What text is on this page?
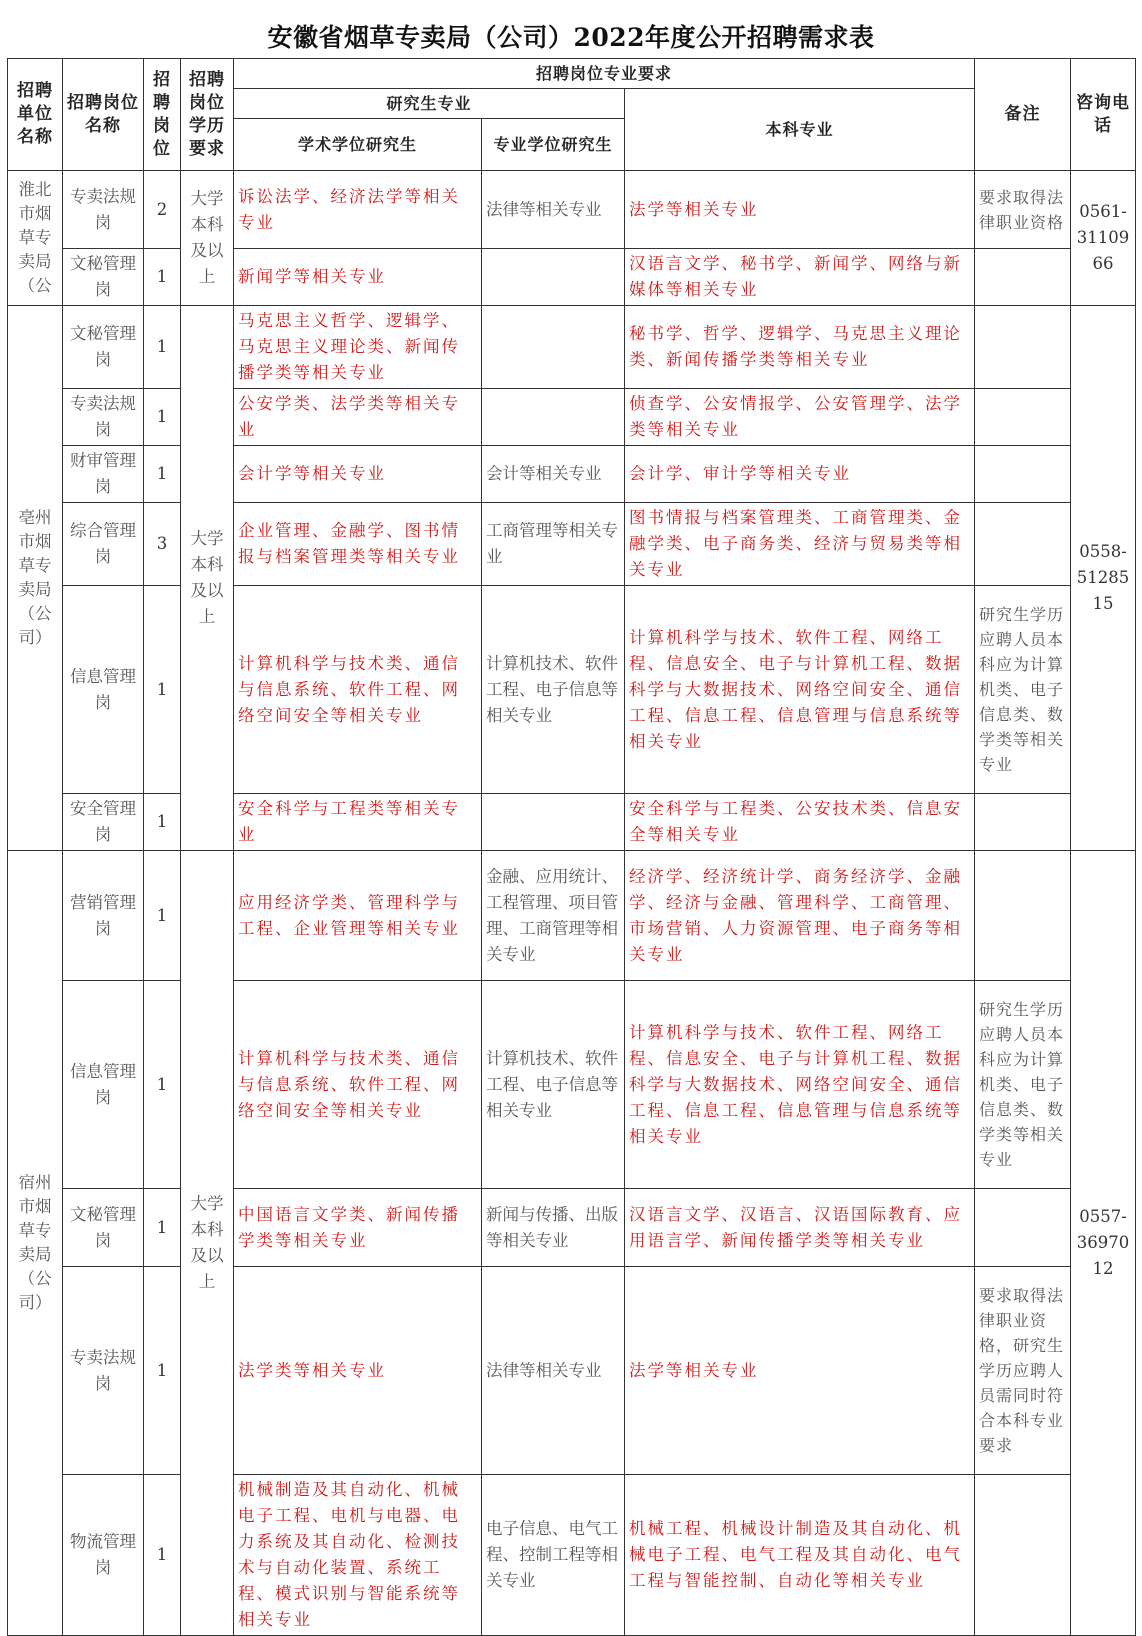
安徽省烟草专卖局（公司）2022年度公开招聘需求表
招聘单位名称	招聘岗位名称	招聘岗位	招聘岗位学历要求	招聘岗位专业要求			备注	咨询电话
				研究生专业		本科专业		
				学术学位研究生	专业学位研究生			
淮北市烟草专卖局（公	专卖法规岗	2	大学本科及以上	诉讼法学、经济法学等相关专业	法律等相关专业	法学等相关专业	要求取得法律职业资格	0561-3110966
	文秘管理岗	1		新闻学等相关专业		汉语言文学、秘书学、新闻学、网络与新媒体等相关专业		
亳州市烟草专卖局（公司）	文秘管理岗	1	大学本科及以上	马克思主义哲学、逻辑学、马克思主义理论类、新闻传播学类等相关专业		秘书学、哲学、逻辑学、马克思主义理论类、新闻传播学类等相关专业		0558-5128515
	专卖法规岗	1		公安学类、法学类等相关专业		侦查学、公安情报学、公安管理学、法学类等相关专业		
	财审管理岗	1		会计学等相关专业	会计等相关专业	会计学、审计学等相关专业		
	综合管理岗	3		企业管理、金融学、图书情报与档案管理类等相关专业	工商管理等相关专业	图书情报与档案管理类、工商管理类、金融学类、电子商务类、经济与贸易类等相关专业		
	信息管理岗	1		计算机科学与技术类、通信与信息系统、软件工程、网络空间安全等相关专业	计算机技术、软件工程、电子信息等相关专业	计算机科学与技术、软件工程、网络工程、信息安全、电子与计算机工程、数据科学与大数据技术、网络空间安全、通信工程、信息工程、信息管理与信息系统等相关专业	研究生学历应聘人员本科应为计算机类、电子信息类、数学类等相关专业	
	安全管理岗	1		安全科学与工程类等相关专业		安全科学与工程类、公安技术类、信息安全等相关专业		
宿州市烟草专卖局（公司）	营销管理岗	1	大学本科及以上	应用经济学类、管理科学与工程、企业管理等相关专业	金融、应用统计、工程管理、项目管理、工商管理等相关专业	经济学、经济统计学、商务经济学、金融学、经济与金融、管理科学、工商管理、市场营销、人力资源管理、电子商务等相关专业		0557-3697012
	信息管理岗	1		计算机科学与技术类、通信与信息系统、软件工程、网络空间安全等相关专业	计算机技术、软件工程、电子信息等相关专业	计算机科学与技术、软件工程、网络工程、信息安全、电子与计算机工程、数据科学与大数据技术、网络空间安全、通信工程、信息工程、信息管理与信息系统等相关专业	研究生学历应聘人员本科应为计算机类、电子信息类、数学类等相关专业	
	文秘管理岗	1		中国语言文学类、新闻传播学类等相关专业	新闻与传播、出版等相关专业	汉语言文学、汉语言、汉语国际教育、应用语言学、新闻传播学类等相关专业		
	专卖法规岗	1		法学类等相关专业	法律等相关专业	法学等相关专业	要求取得法律职业资格，研究生学历应聘人员需同时符合本科专业要求	
	物流管理岗	1		机械制造及其自动化、机械电子工程、电机与电器、电力系统及其自动化、检测技术与自动化装置、系统工程、模式识别与智能系统等相关专业	电子信息、电气工程、控制工程等相关专业	机械工程、机械设计制造及其自动化、机械电子工程、电气工程及其自动化、电气工程与智能控制、自动化等相关专业		
